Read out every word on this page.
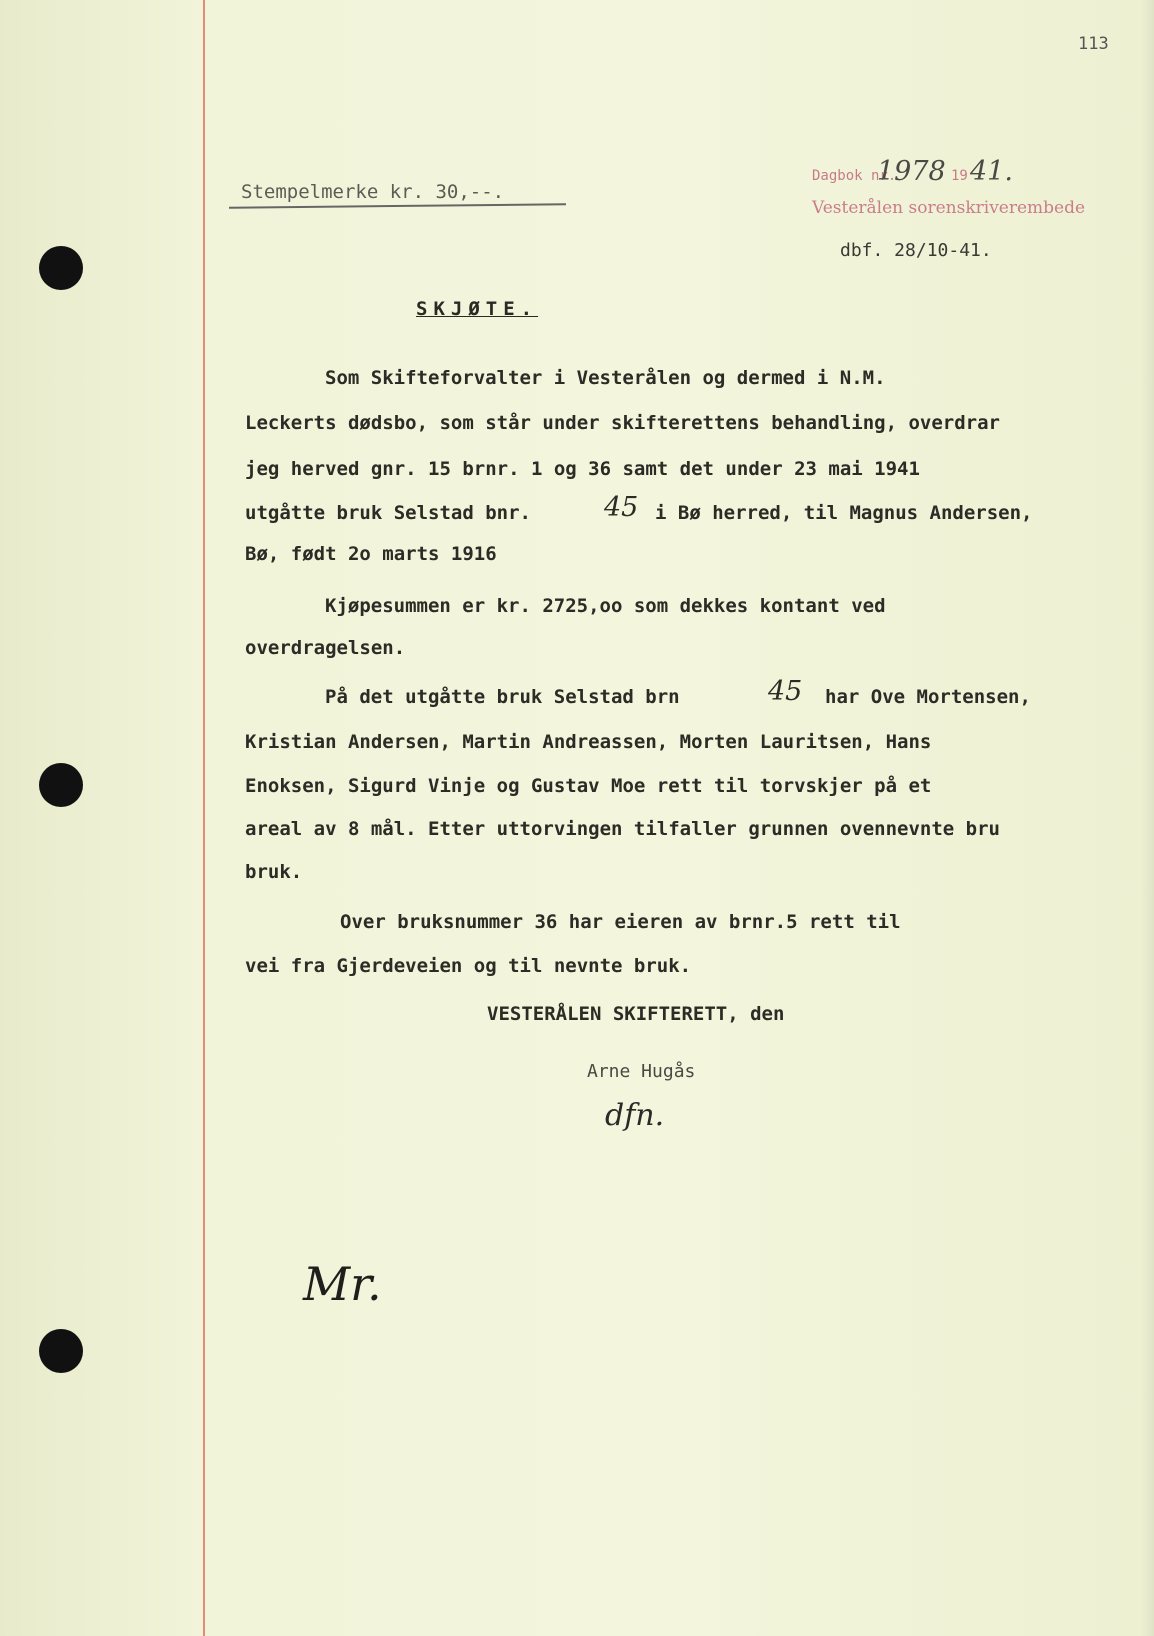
113
Dagbok nr.
1978 19 41.
Vesterålen sorenskriverembede
dbf. 28/10-41.
Stempelmerke kr. 30,--.
SKJØTE.
Som Skifteforvalter i Vesterålen og dermed i N.M.
Leckerts dødsbo, som står under skifterettens behandling, overdrar
jeg herved gnr. 15 brnr. 1 og 36 samt det under 23 mai 1941
utgåtte bruk Selstad bnr.	45 i Bø herred, til Magnus Andersen,
Bø, født 2o marts 1916
Kjøpesummen er kr. 2725,oo som dekkes kontant ved
overdragelsen.
På det utgåtte bruk Selstad brn	45 har Ove Mortensen,
Kristian Andersen, Martin Andreassen, Morten Lauritsen, Hans
Enoksen, Sigurd Vinje og Gustav Moe rett til torvskjer på et
areal av 8 mål. Etter uttorvingen tilfaller grunnen ovennevnte bru
bruk.
Over bruksnummer 36 har eieren av brnr.5 rett til
vei fra Gjerdeveien og til nevnte bruk.
VESTERÅLEN SKIFTERETT, den
Arne Hugås
dfn.
Mr.
